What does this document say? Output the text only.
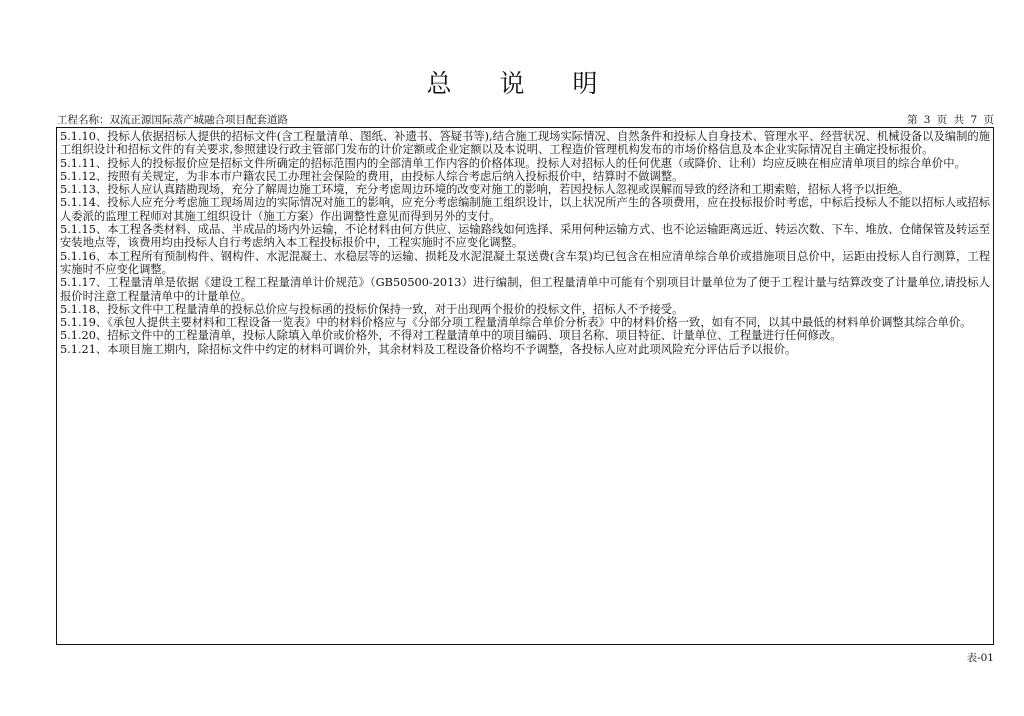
总 说 明
工程名称：双流正源国际蒸产城融合项目配套道路	第 3 页 共 7 页
5.1.10、投标人依据招标人提供的招标文件(含工程量清单、图纸、补遗书、答疑书等),结合施工现场实际情况、自然条件和投标人自身技术、管理水平、经营状况、机械设备以及编制的施工组织设计和招标文件的有关要求,参照建设行政主管部门发布的计价定额或企业定额以及本说明、工程造价管理机构发布的市场价格信息及本企业实际情况自主确定投标报价。
5.1.11、投标人的投标报价应是招标文件所确定的招标范围内的全部清单工作内容的价格体现。投标人对招标人的任何优惠（或降价、让利）均应反映在相应清单项目的综合单价中。
5.1.12、按照有关规定，为非本市户籍农民工办理社会保险的费用，由投标人综合考虑后纳入投标报价中，结算时不做调整。
5.1.13、投标人应认真踏勘现场，充分了解周边施工环境，充分考虑周边环境的改变对施工的影响，若因投标人忽视或误解而导致的经济和工期索赔，招标人将予以拒绝。
5.1.14、投标人应充分考虑施工现场周边的实际情况对施工的影响，应充分考虑编制施工组织设计，以上状况所产生的各项费用，应在投标报价时考虑，中标后投标人不能以招标人或招标人委派的监理工程师对其施工组织设计（施工方案）作出调整性意见而得到另外的支付。
5.1.15、本工程各类材料、成品、半成品的场内外运输，不论材料由何方供应、运输路线如何选择、采用何种运输方式、也不论运输距离远近、转运次数、下车、堆放、仓储保管及转运至安装地点等，该费用均由投标人自行考虑纳入本工程投标报价中，工程实施时不应变化调整。
5.1.16、本工程所有预制构件、钢构件、水泥混凝土、水稳层等的运输、损耗及水泥混凝土泵送费(含车泵)均已包含在相应清单综合单价或措施项目总价中，运距由投标人自行测算，工程实施时不应变化调整。
5.1.17、工程量清单是依据《建设工程工程量清单计价规范》（GB50500-2013）进行编制，但工程量清单中可能有个别项目计量单位为了便于工程计量与结算改变了计量单位,请投标人报价时注意工程量清单中的计量单位。
5.1.18、投标文件中工程量清单的投标总价应与投标函的投标价保持一致，对于出现两个报价的投标文件，招标人不予接受。
5.1.19、《承包人提供主要材料和工程设备一览表》中的材料价格应与《分部分项工程量清单综合单价分析表》中的材料价格一致，如有不同，以其中最低的材料单价调整其综合单价。
5.1.20、招标文件中的工程量清单，投标人除填入单价或价格外，不得对工程量清单中的项目编码、项目名称、项目特征、计量单位、工程量进行任何修改。
5.1.21、本项目施工期内，除招标文件中约定的材料可调价外，其余材料及工程设备价格均不予调整，各投标人应对此项风险充分评估后予以报价。
表-01
